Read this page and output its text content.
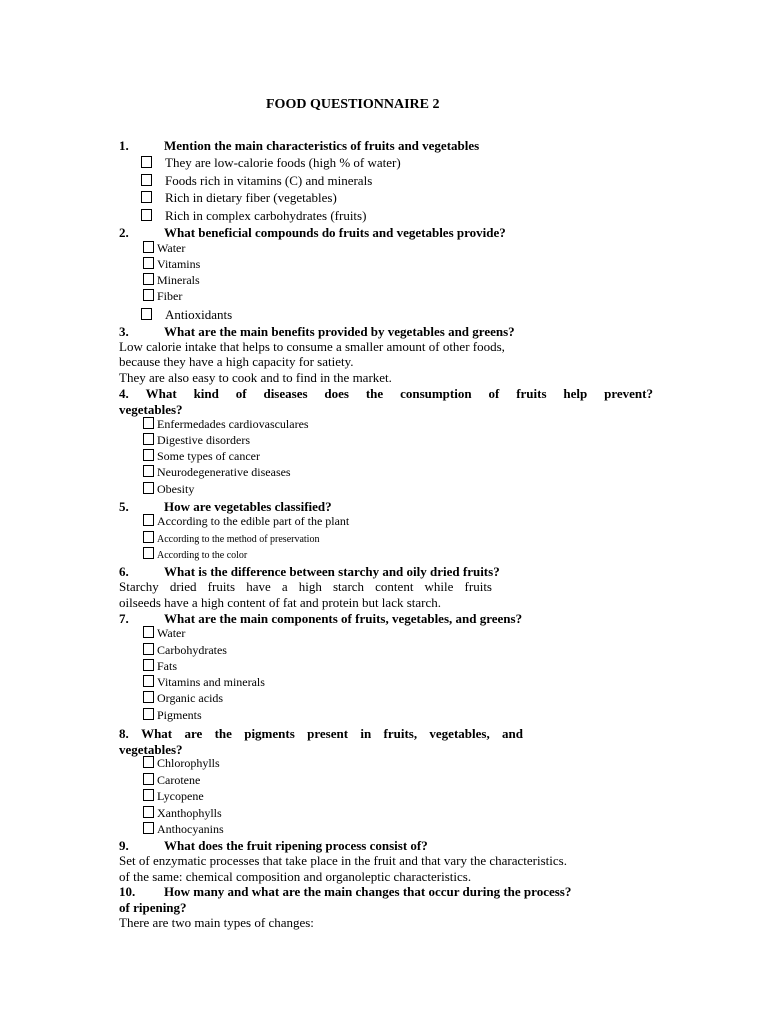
FOOD QUESTIONNAIRE 2
1.	Mention the main characteristics of fruits and vegetables
They are low-calorie foods (high % of water)
Foods rich in vitamins (C) and minerals
Rich in dietary fiber (vegetables)
Rich in complex carbohydrates (fruits)
2.	What beneficial compounds do fruits and vegetables provide?
Water
Vitamins
Minerals
Fiber
Antioxidants
3.	What are the main benefits provided by vegetables and greens?
Low calorie intake that helps to consume a smaller amount of other foods,
because they have a high capacity for satiety.
They are also easy to cook and to find in the market.
4. What kind of diseases does the consumption of fruits help prevent?
vegetables?
Enfermedades cardiovasculares
Digestive disorders
Some types of cancer
Neurodegenerative diseases
Obesity
5.	How are vegetables classified?
According to the edible part of the plant
According to the method of preservation
According to the color
6.	What is the difference between starchy and oily dried fruits?
Starchy dried fruits have a high starch content while fruits
oilseeds have a high content of fat and protein but lack starch.
7.	What are the main components of fruits, vegetables, and greens?
Water
Carbohydrates
Fats
Vitamins and minerals
Organic acids
Pigments
8. What are the pigments present in fruits, vegetables, and
vegetables?
Chlorophylls
Carotene
Lycopene
Xanthophylls
Anthocyanins
9.	What does the fruit ripening process consist of?
Set of enzymatic processes that take place in the fruit and that vary the characteristics.
of the same: chemical composition and organoleptic characteristics.
10. How many and what are the main changes that occur during the process?
of ripening?
There are two main types of changes:
